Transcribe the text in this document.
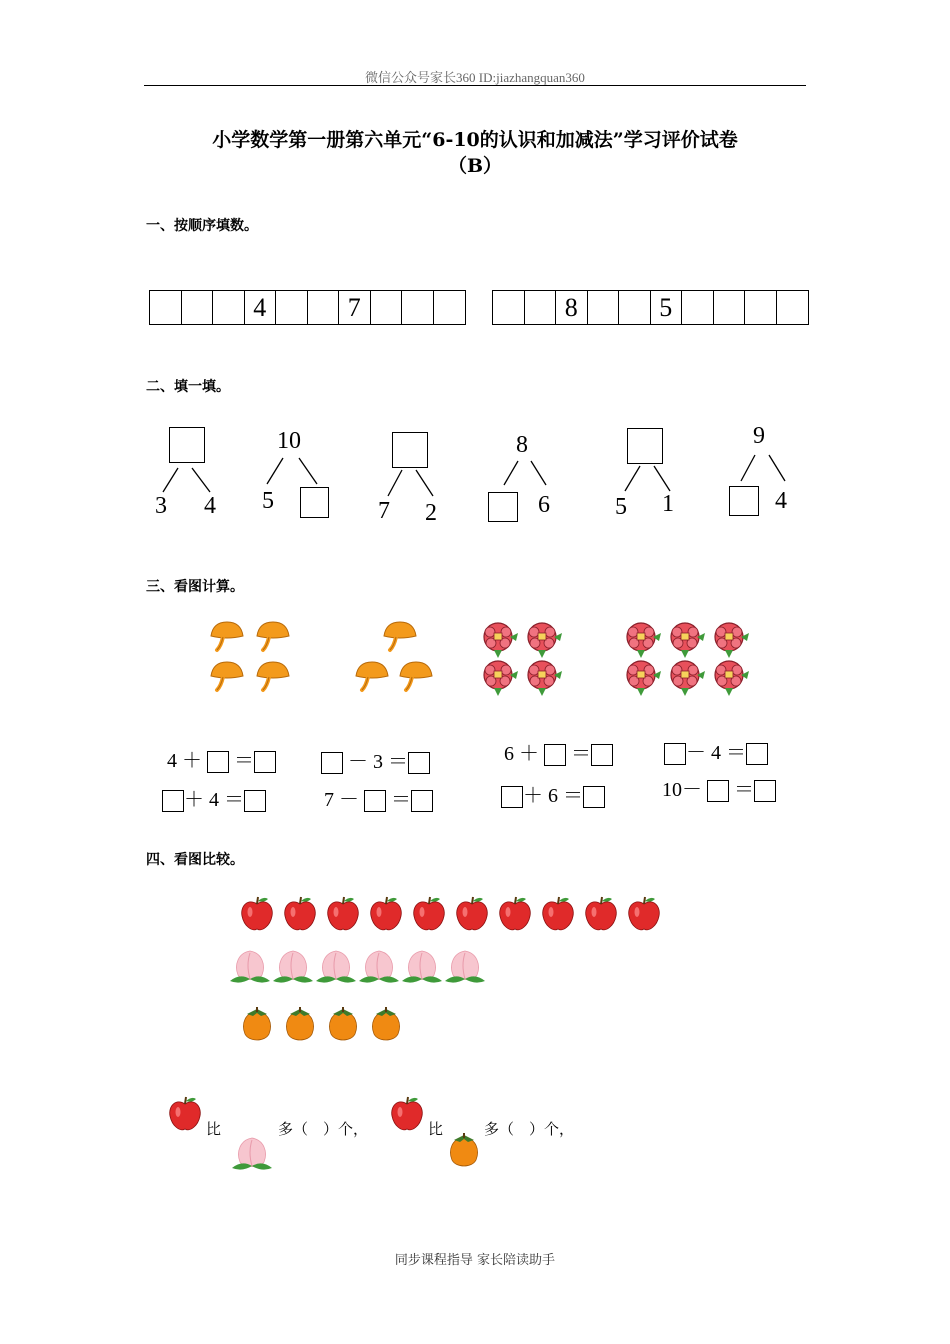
微信公众号家长360 ID:jiazhangquan360
小学数学第一册第六单元“6-10的认识和加减法”学习评价试卷
（B）
一、按顺序填数。
4	7	8	5
二、填一填。
3 4
10
5	7 2
8
6	5 1
9
4
三、看图计算。
4 ＋ ＝
＋ 4 ＝
－ 3 ＝
7 － ＝
6 ＋ ＝
＋ 6 ＝
－ 4 ＝
10－ ＝
四、看图比较。
比	多（　）个，	比	多（　）个，
同步课程指导 家长陪读助手
